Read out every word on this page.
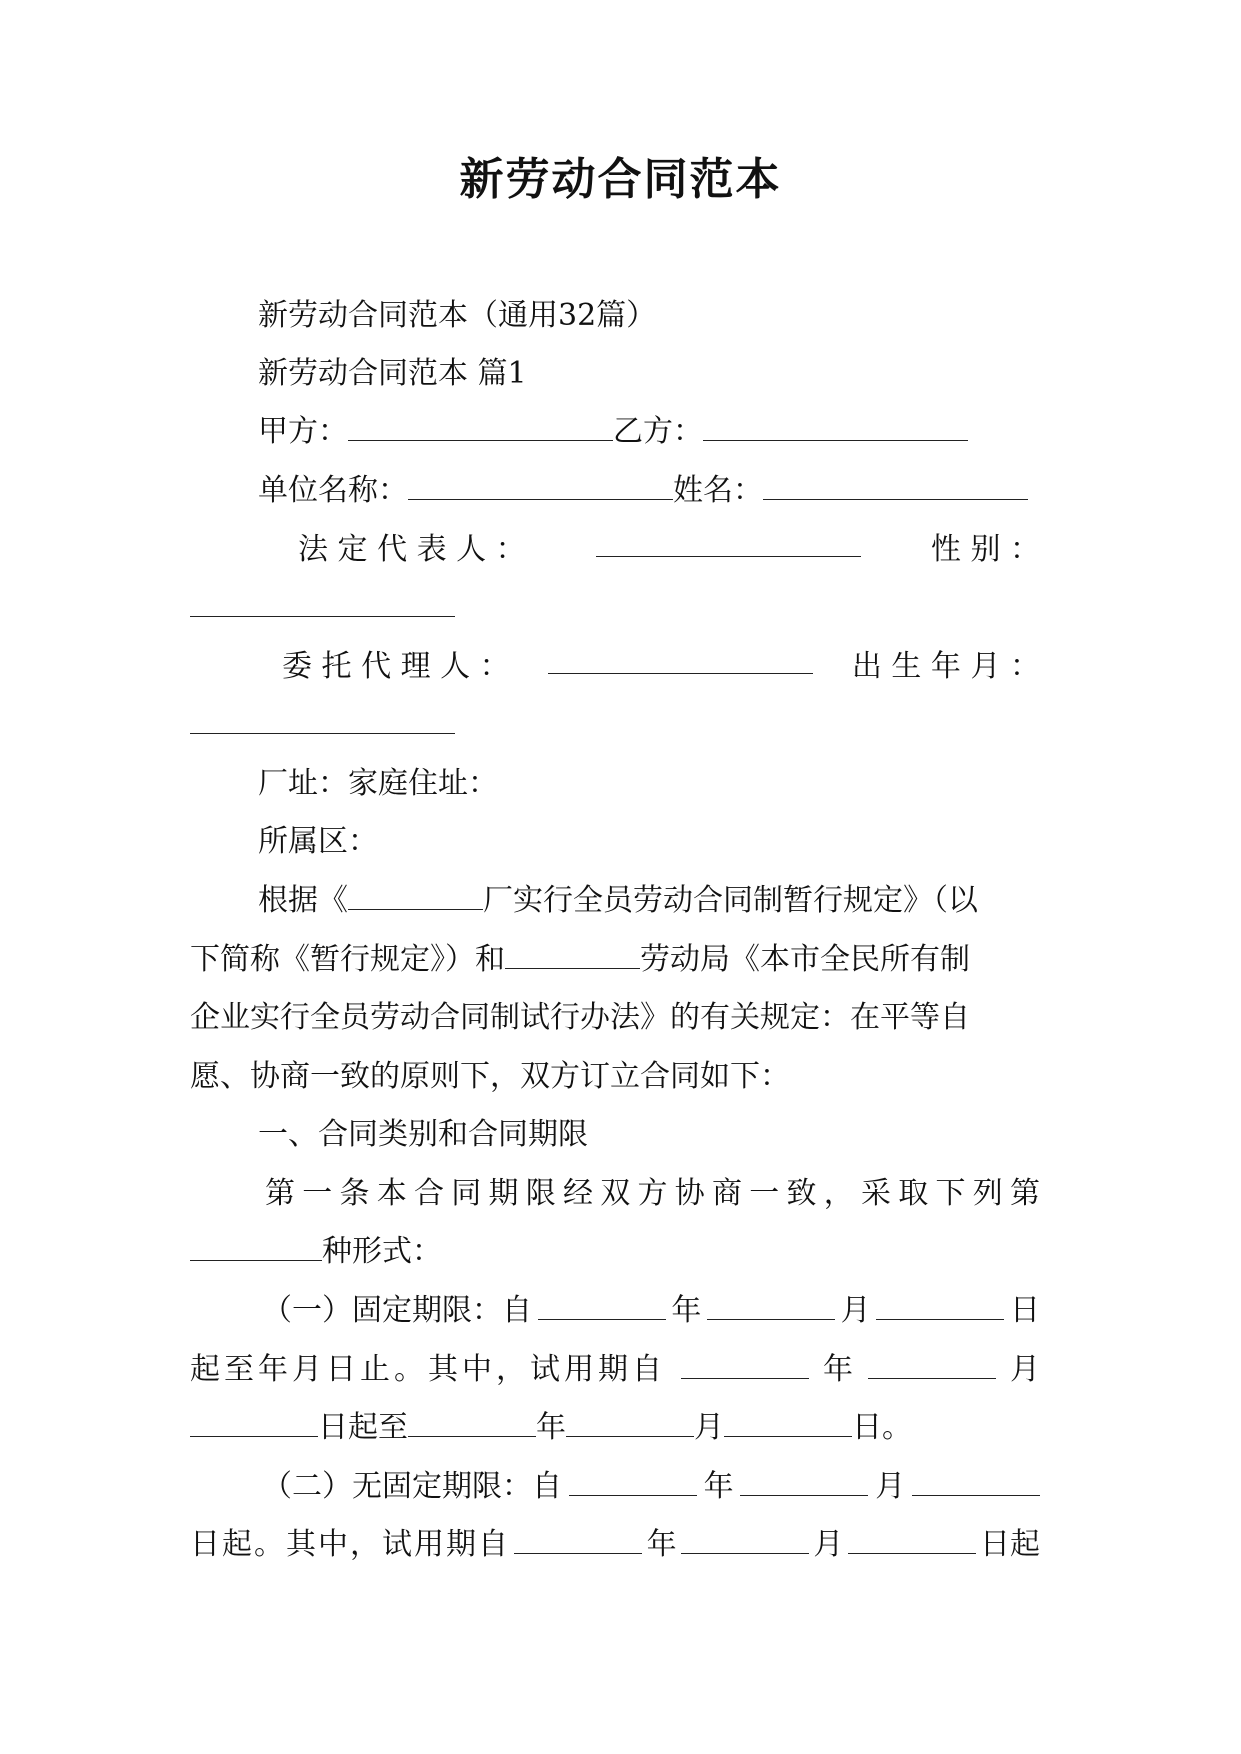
新劳动合同范本
新劳动合同范本（通用32篇）
新劳动合同范本 篇1
甲方：	乙方：
单位名称：	姓名：
法 定 代 表 人 ：	性 别 ：
委 托 代 理 人 ：	出 生 年 月 ：
厂址：家庭住址：
所属区：
根据《	厂实行全员劳动合同制暂行规定》（以
下简称《暂行规定》）和	劳动局《本市全民所有制
企业实行全员劳动合同制试行办法》的有关规定：在平等自
愿、协商一致的原则下，双方订立合同如下：
一、合同类别和合同期限
第一条本合同期限经双方协商一致，采取下列第
种形式：
（一）固定期限：自	年	月	日
起至年月日止。其中，试用期自	年	月
日起至	年	月	日。
（二）无固定期限：自	年	月
日起。其中，试用期自	年	月	日起
